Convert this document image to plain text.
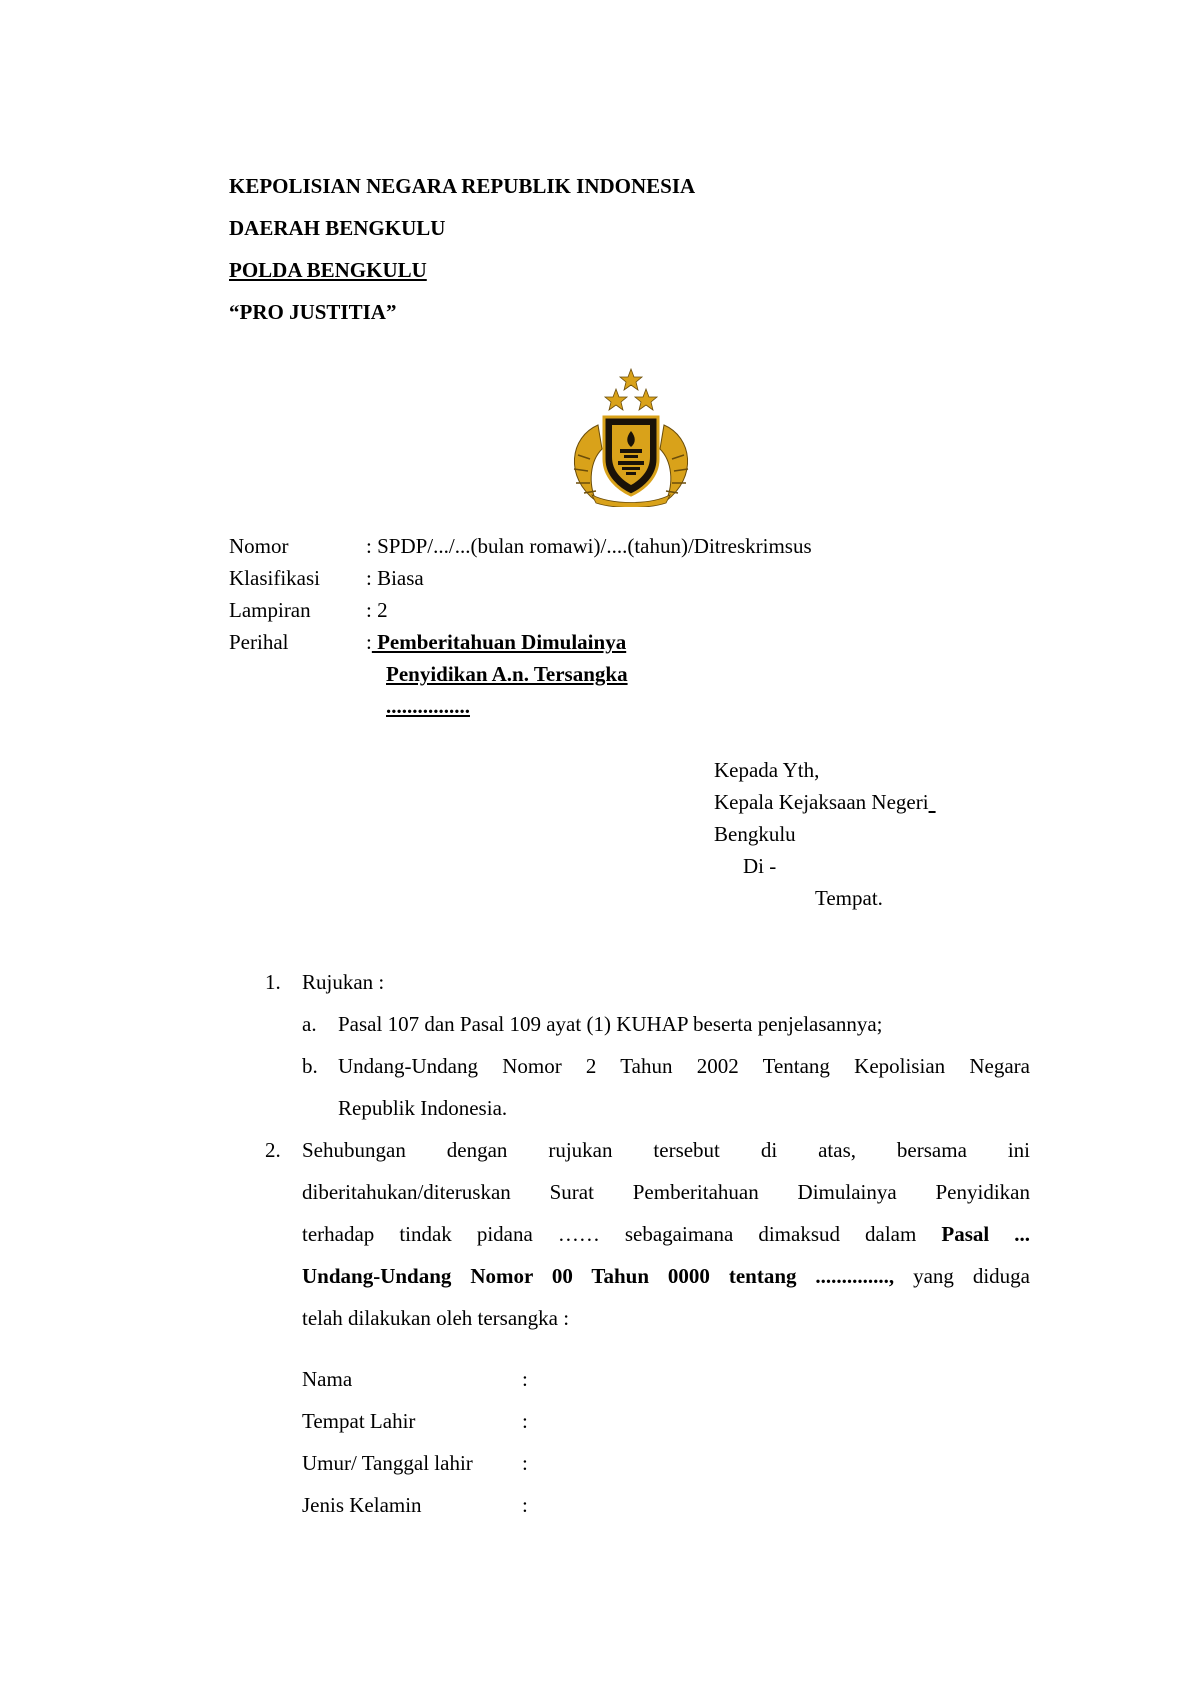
KEPOLISIAN NEGARA REPUBLIK INDONESIA
DAERAH BENGKULU
POLDA BENGKULU
“PRO JUSTITIA”
Nomor	: SPDP/.../...(bulan romawi)/....(tahun)/Ditreskrimsus
Klasifikasi : Biasa
Lampiran	: 2
Perihal	: Pemberitahuan Dimulainya
Penyidikan A.n. Tersangka
................
Kepada Yth,
Kepala Kejaksaan Negeri 
Bengkulu
Di -
Tempat.
1. Rujukan :
a. Pasal 107 dan Pasal 109 ayat (1) KUHAP beserta penjelasannya;
b. Undang-Undang Nomor 2 Tahun 2002 Tentang Kepolisian Negara
Republik Indonesia.
2. Sehubungan dengan rujukan tersebut di atas, bersama ini
diberitahukan/diteruskan Surat Pemberitahuan Dimulainya Penyidikan
terhadap tindak pidana …… sebagaimana dimaksud dalam Pasal ...
Undang-Undang Nomor 00 Tahun 0000 tentang .............., yang diduga
telah dilakukan oleh tersangka :
Nama	:
Tempat Lahir	:
Umur/ Tanggal lahir :
Jenis Kelamin	:
